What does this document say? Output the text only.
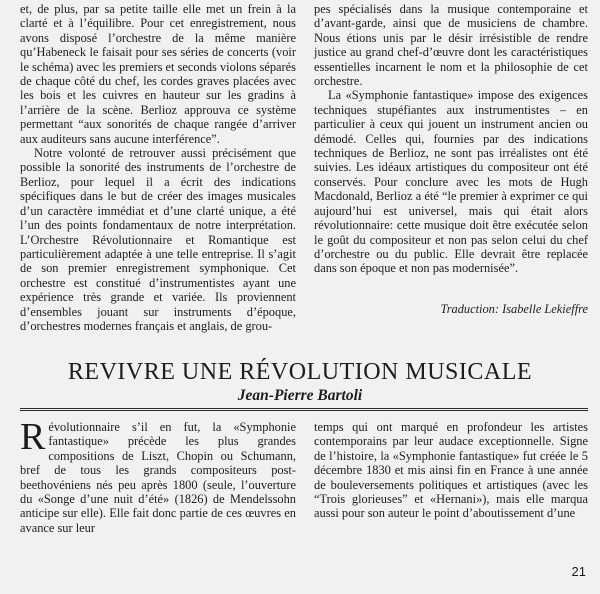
et, de plus, par sa petite taille elle met un frein à la clarté et à l’équilibre. Pour cet enregistrement, nous avons disposé l’orchestre de la même manière qu’Habeneck le faisait pour ses séries de concerts (voir le schéma) avec les premiers et seconds violons séparés de chaque côté du chef, les cordes graves placées avec les bois et les cuivres en hauteur sur les gradins à l’arrière de la scène. Berlioz approuva ce système permettant “aux sonorités de chaque rangée d’arriver aux auditeurs sans aucune interférence”.

Notre volonté de retrouver aussi précisément que possible la sonorité des instruments de l’orchestre de Berlioz, pour lequel il a écrit des indications spécifiques dans le but de créer des images musicales d’un caractère immédiat et d’une clarté unique, a été l’un des points fondamentaux de notre interprétation. L’Orchestre Révolutionnaire et Romantique est particulièrement adaptée à une telle entreprise. Il s’agit de son premier enregistrement symphonique. Cet orchestre est constitué d’instrumentistes ayant une expérience très grande et variée. Ils proviennent d’ensembles jouant sur instruments d’époque, d’orchestres modernes français et anglais, de grou-

pes spécialisés dans la musique contemporaine et d’avant-garde, ainsi que de musiciens de chambre. Nous étions unis par le désir irrésistible de rendre justice au grand chef-d’œuvre dont les caractéristiques essentielles incarnent le nom et la philosophie de cet orchestre.

La «Symphonie fantastique» impose des exigences techniques stupéfiantes aux instrumentistes – en particulier à ceux qui jouent un instrument ancien ou démodé. Celles qui, fournies par des indications techniques de Berlioz, ne sont pas irréalistes ont été suivies. Les idéaux artistiques du compositeur ont été conservés. Pour conclure avec les mots de Hugh Macdonald, Berlioz a été “le premier à exprimer ce qui aujourd’hui est universel, mais qui était alors révolutionnaire: cette musique doit être exécutée selon le goût du compositeur et non pas selon celui du chef d’orchestre ou du public. Elle devrait être replacée dans son époque et non pas modernisée”.

Traduction: Isabelle Lekieffre
REVIVRE UNE RÉVOLUTION MUSICALE
Jean-Pierre Bartoli

Révolutionnaire s’il en fut, la «Symphonie fantastique» précède les plus grandes compositions de Liszt, Chopin ou Schumann, bref de tous les grands compositeurs post-beethovéniens nés peu après 1800 (seule, l’ouverture du «Songe d’une nuit d’été» (1826) de Mendelssohn anticipe sur elle). Elle fait donc partie de ces œuvres en avance sur leur

temps qui ont marqué en profondeur les artistes contemporains par leur audace exceptionnelle. Signe de l’histoire, la «Symphonie fantastique» fut créée le 5 décembre 1830 et mis ainsi fin en France à une année de bouleversements politiques et artistiques (avec les “Trois glorieuses” et «Hernani»), mais elle marqua aussi pour son auteur le point d’aboutissement d’une

21
